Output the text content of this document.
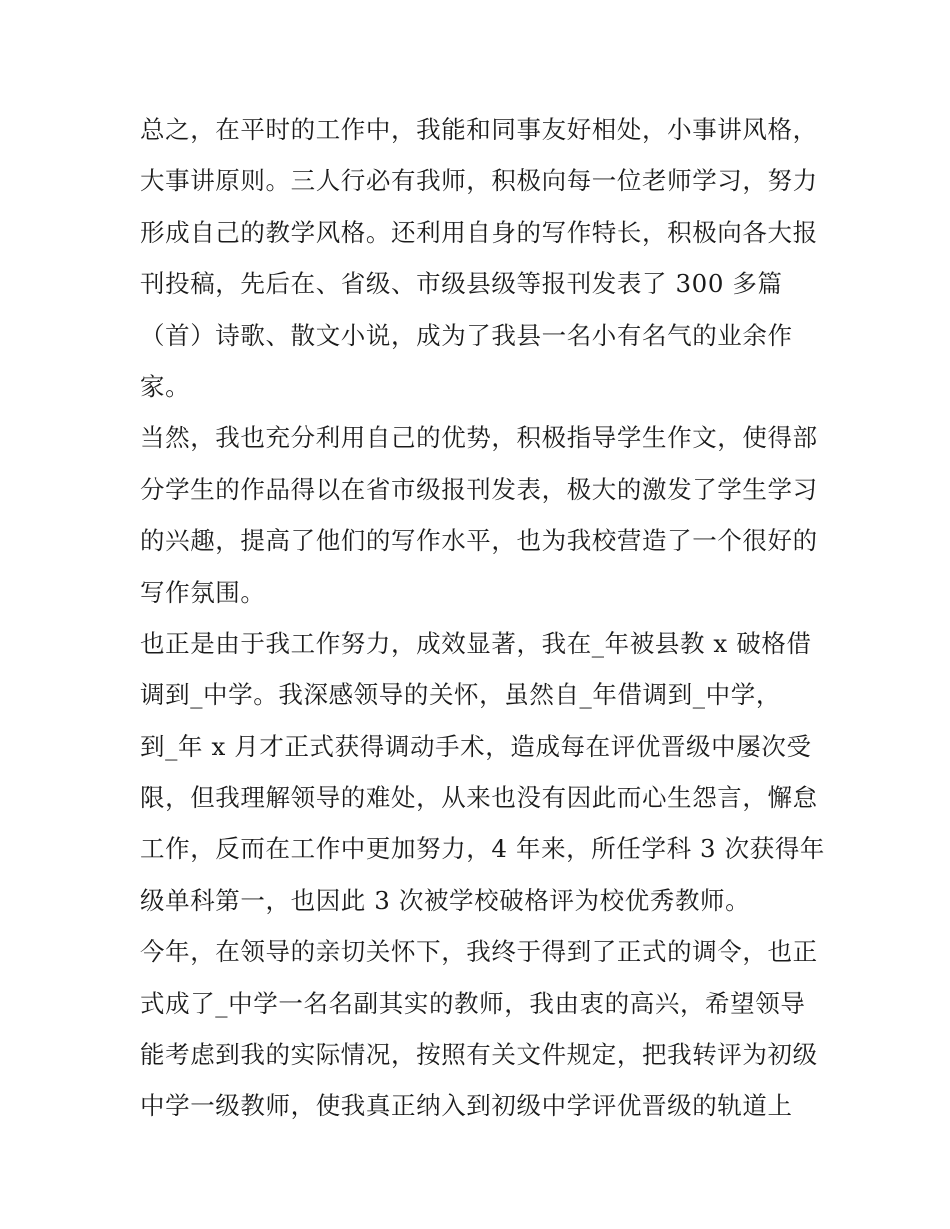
总之，在平时的工作中，我能和同事友好相处，小事讲风格，
大事讲原则。三人行必有我师，积极向每一位老师学习，努力
形成自己的教学风格。还利用自身的写作特长，积极向各大报
刊投稿，先后在、省级、市级县级等报刊发表了 300 多篇
（首）诗歌、散文小说，成为了我县一名小有名气的业余作
家。
当然，我也充分利用自己的优势，积极指导学生作文，使得部
分学生的作品得以在省市级报刊发表，极大的激发了学生学习
的兴趣，提高了他们的写作水平，也为我校营造了一个很好的
写作氛围。
也正是由于我工作努力，成效显著，我在_年被县教 x 破格借
调到_中学。我深感领导的关怀，虽然自_年借调到_中学，
到_年 x 月才正式获得调动手术，造成每在评优晋级中屡次受
限，但我理解领导的难处，从来也没有因此而心生怨言，懈怠
工作，反而在工作中更加努力，4 年来，所任学科 3 次获得年
级单科第一，也因此 3 次被学校破格评为校优秀教师。
今年，在领导的亲切关怀下，我终于得到了正式的调令，也正
式成了_中学一名名副其实的教师，我由衷的高兴，希望领导
能考虑到我的实际情况，按照有关文件规定，把我转评为初级
中学一级教师，使我真正纳入到初级中学评优晋级的轨道上
